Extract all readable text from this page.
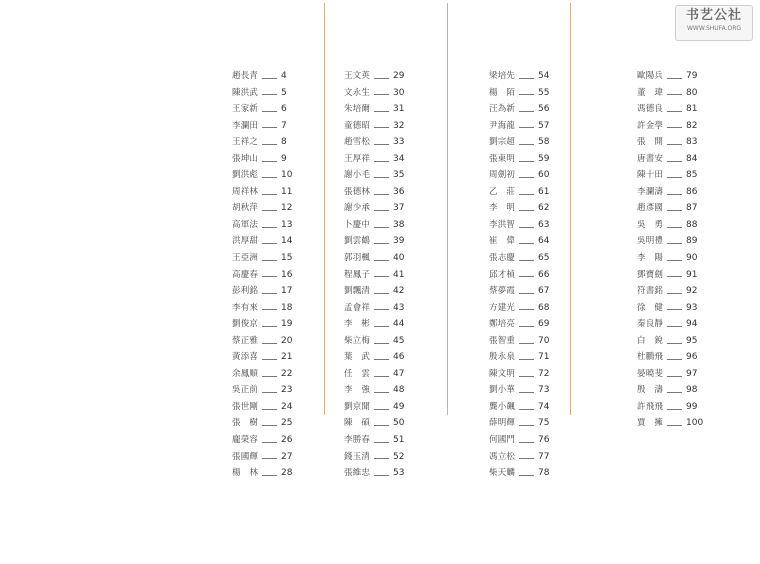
书艺公社
WWW.SHUFA.ORG
趙長青	4
陳洪武	5
王家新	6
李瀾田	7
王祥之	8
張坤山	9
劉洪彪	10
周祥林	11
胡秋萍	12
高軍法	13
洪厚甜	14
王亞洲	15
高慶春	16
彭利銘	17
李有來	18
劉俊京	19
蔡正雅	20
黃添喜	21
余鳳順	22
吳正前	23
張世剛	24
張　樹	25
龐榮容	26
張國輝	27
楊　林	28
王文英	29
文永生	30
朱培爾	31
童德昭	32
趙雪松	33
王厚祥	34
謝小毛	35
張德林	36
謝少承	37
卜慶中	38
劉雲鶴	39
郭羽楓	40
程鳳子	41
劉飄清	42
孟會祥	43
李　彬	44
柴立梅	45
葉　武	46
任　雲	47
李　強	48
劉京聞	49
陳　碩	50
李勝春	51
錢玉清	52
張維忠	53
梁培先	54
楊　陌	55
汪為新	56
尹海龍	57
劉宗超	58
張東明	59
周劍初	60
乙　莊	61
李　明	62
李洪智	63
崔　偉	64
張志慶	65
邱才楨	66
蔡夢霞	67
方建光	68
鄭培亮	69
張智重	70
殷永泉	71
陳文明	72
劉小華	73
龔小飆	74
薛明輝	75
何國門	76
馮立松	77
柴天麟	78
歐陽兵	79
董　瑋	80
馮德良	81
許金學	82
張　開	83
唐書安	84
陳十田	85
李瀾濤	86
趙彥國	87
吳　勇	88
吳明禮	89
李　陽	90
鄧寶劍	91
符書銘	92
徐　健	93
秦良靜	94
白　銳	95
杜鵬飛	96
晏曉斐	97
殷　濤	98
許飛飛	99
賈　擁	100
